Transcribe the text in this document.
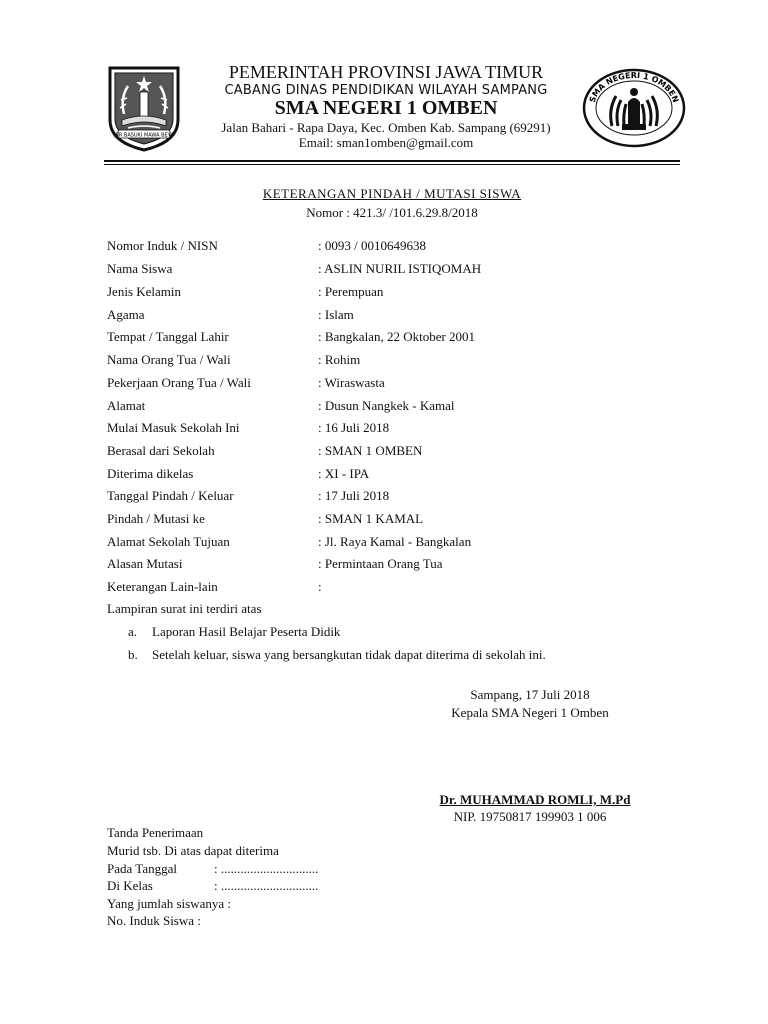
JER BASUKI MAWA BEYA
SMA NEGERI 1 OMBEN
PEMERINTAH PROVINSI JAWA TIMUR
CABANG DINAS PENDIDIKAN WILAYAH SAMPANG
SMA NEGERI 1 OMBEN
Jalan Bahari - Rapa Daya, Kec. Omben Kab. Sampang (69291)
Email: sman1omben@gmail.com
KETERANGAN PINDAH / MUTASI SISWA
Nomor : 421.3/ /101.6.29.8/2018
Nomor Induk / NISN	: 0093 / 0010649638
Nama Siswa	: ASLIN NURIL ISTIQOMAH
Jenis Kelamin	: Perempuan
Agama	: Islam
Tempat / Tanggal Lahir	: Bangkalan, 22 Oktober 2001
Nama Orang Tua / Wali	: Rohim
Pekerjaan Orang Tua / Wali	: Wiraswasta
Alamat	: Dusun Nangkek - Kamal
Mulai Masuk Sekolah Ini	: 16 Juli 2018
Berasal dari Sekolah	: SMAN 1 OMBEN
Diterima dikelas	: XI - IPA
Tanggal Pindah / Keluar	: 17 Juli 2018
Pindah / Mutasi ke	: SMAN 1 KAMAL
Alamat Sekolah Tujuan	: Jl. Raya Kamal - Bangkalan
Alasan Mutasi	: Permintaan Orang Tua
Keterangan Lain-lain	:
Lampiran surat ini terdiri atas
a. Laporan Hasil Belajar Peserta Didik
b. Setelah keluar, siswa yang bersangkutan tidak dapat diterima di sekolah ini.
Sampang, 17 Juli 2018
Kepala SMA Negeri 1 Omben
Dr. MUHAMMAD ROMLI, M.Pd
NIP. 19750817 199903 1 006
Tanda Penerimaan
Murid tsb. Di atas dapat diterima
Pada Tanggal	: ..............................
Di Kelas	: ..............................
Yang jumlah siswanya :
No. Induk Siswa :
